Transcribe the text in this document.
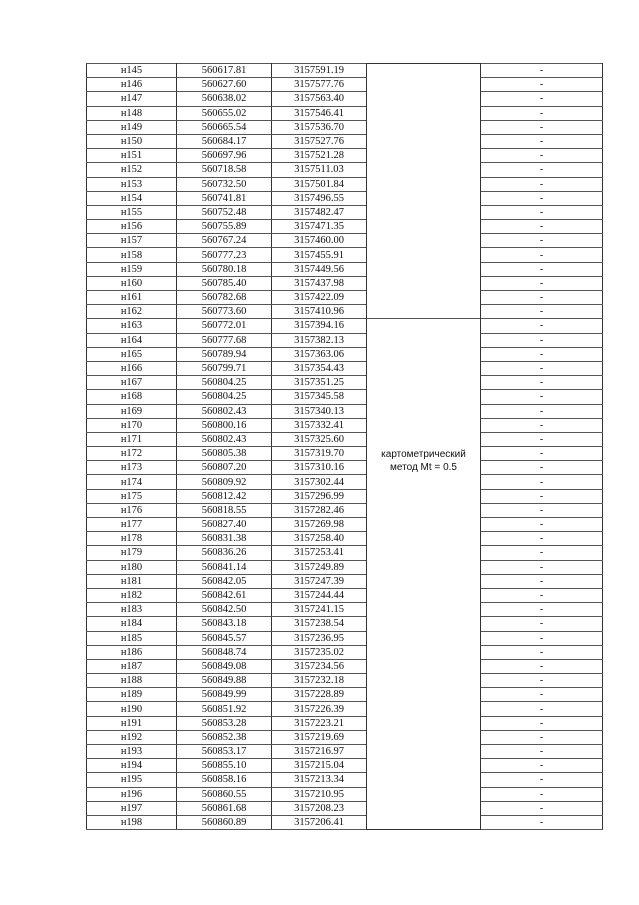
н145	560617.81	3157591.19	картометрический метод Mt = 0.5	-
н146	560627.60	3157577.76		-
н147	560638.02	3157563.40		-
н148	560655.02	3157546.41		-
н149	560665.54	3157536.70		-
н150	560684.17	3157527.76		-
н151	560697.96	3157521.28		-
н152	560718.58	3157511.03		-
н153	560732.50	3157501.84		-
н154	560741.81	3157496.55		-
н155	560752.48	3157482.47		-
н156	560755.89	3157471.35		-
н157	560767.24	3157460.00		-
н158	560777.23	3157455.91		-
н159	560780.18	3157449.56		-
н160	560785.40	3157437.98		-
н161	560782.68	3157422.09		-
н162	560773.60	3157410.96		-
н163	560772.01	3157394.16		-
н164	560777.68	3157382.13		-
н165	560789.94	3157363.06		-
н166	560799.71	3157354.43		-
н167	560804.25	3157351.25		-
н168	560804.25	3157345.58		-
н169	560802.43	3157340.13		-
н170	560800.16	3157332.41		-
н171	560802.43	3157325.60		-
н172	560805.38	3157319.70		-
н173	560807.20	3157310.16		-
н174	560809.92	3157302.44		-
н175	560812.42	3157296.99		-
н176	560818.55	3157282.46		-
н177	560827.40	3157269.98		-
н178	560831.38	3157258.40		-
н179	560836.26	3157253.41		-
н180	560841.14	3157249.89		-
н181	560842.05	3157247.39		-
н182	560842.61	3157244.44		-
н183	560842.50	3157241.15		-
н184	560843.18	3157238.54		-
н185	560845.57	3157236.95		-
н186	560848.74	3157235.02		-
н187	560849.08	3157234.56		-
н188	560849.88	3157232.18		-
н189	560849.99	3157228.89		-
н190	560851.92	3157226.39		-
н191	560853.28	3157223.21		-
н192	560852.38	3157219.69		-
н193	560853.17	3157216.97		-
н194	560855.10	3157215.04		-
н195	560858.16	3157213.34		-
н196	560860.55	3157210.95		-
н197	560861.68	3157208.23		-
н198	560860.89	3157206.41		-
